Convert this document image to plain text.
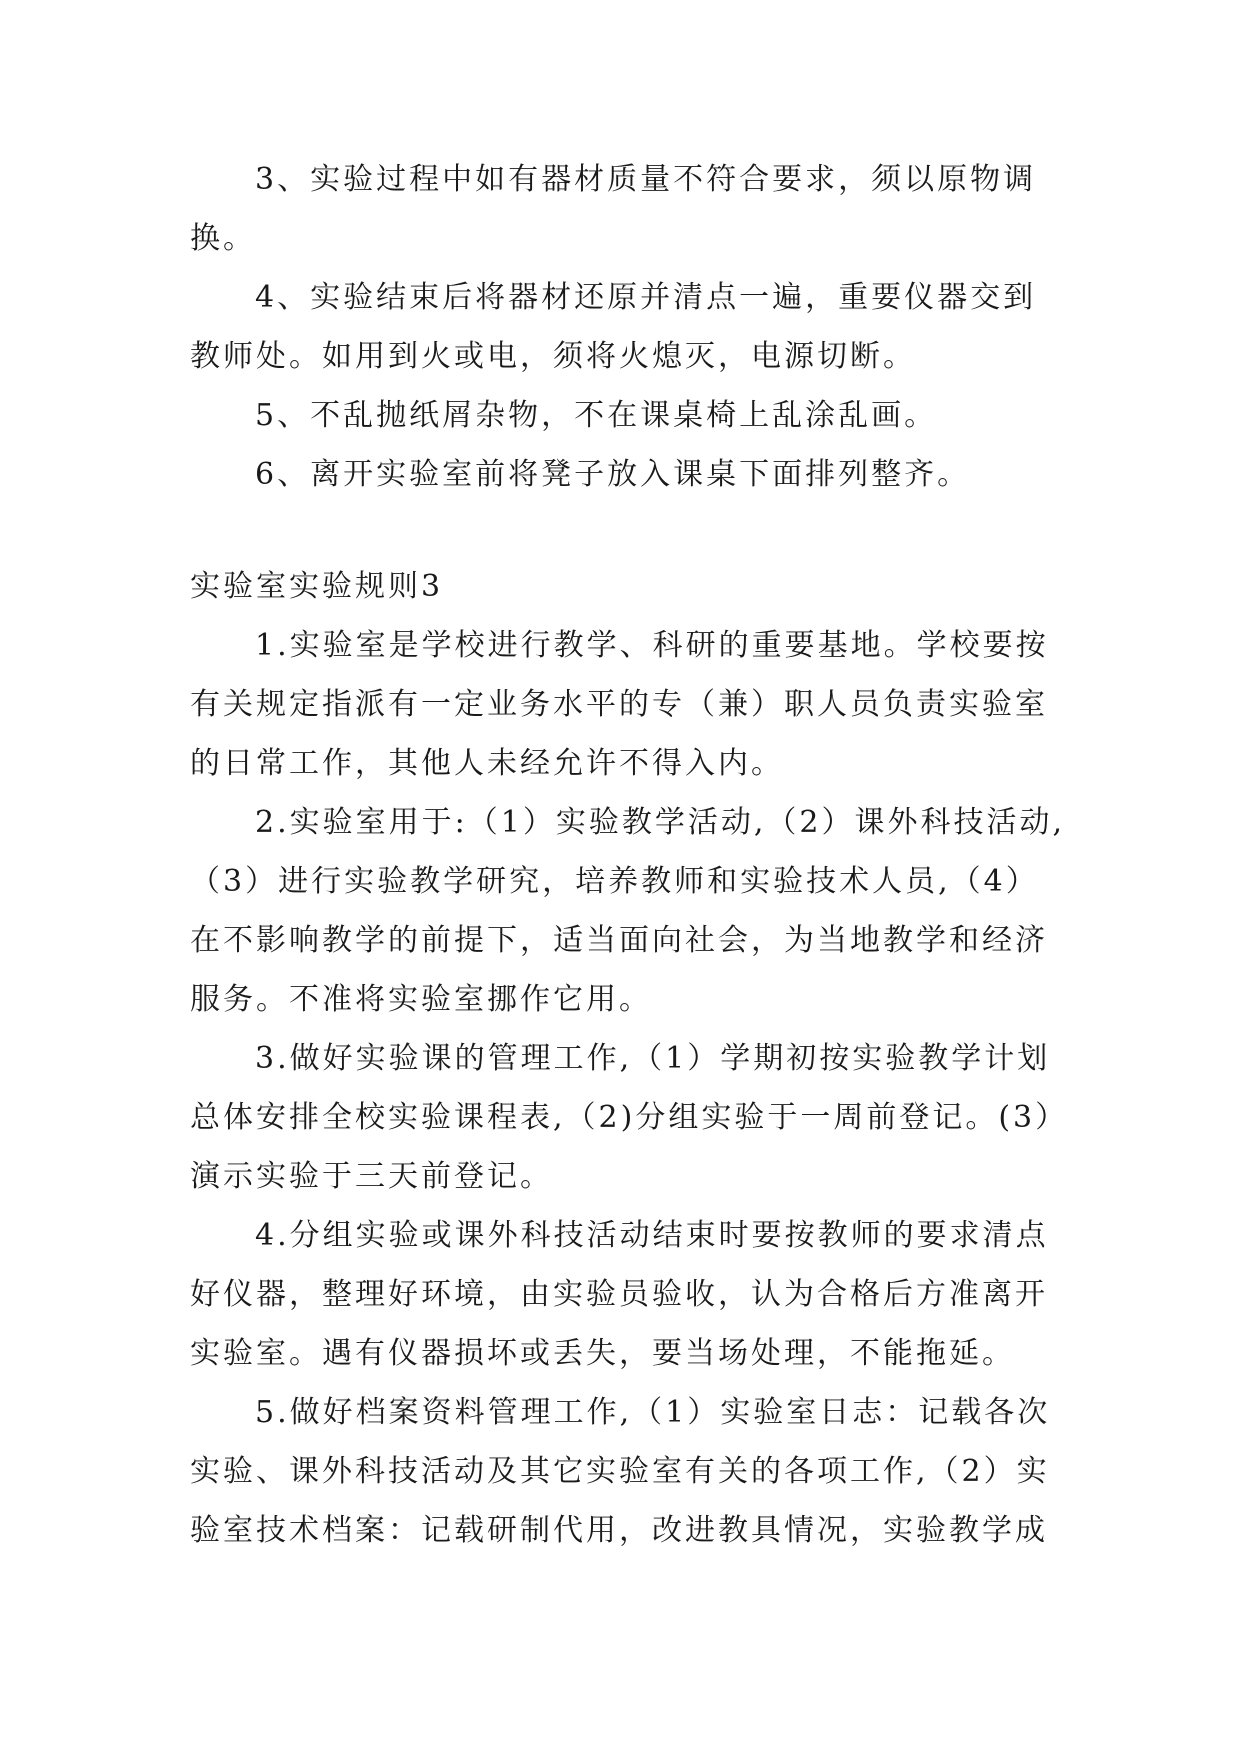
3、实验过程中如有器材质量不符合要求，须以原物调换。

4、实验结束后将器材还原并清点一遍，重要仪器交到教师处。如用到火或电，须将火熄灭，电源切断。

5、不乱抛纸屑杂物，不在课桌椅上乱涂乱画。

6、离开实验室前将凳子放入课桌下面排列整齐。

实验室实验规则3

1.实验室是学校进行教学、科研的重要基地。学校要按有关规定指派有一定业务水平的专（兼）职人员负责实验室的日常工作，其他人未经允许不得入内。

2.实验室用于:（1）实验教学活动,（2）课外科技活动,（3）进行实验教学研究，培养教师和实验技术人员,（4）在不影响教学的前提下，适当面向社会，为当地教学和经济服务。不准将实验室挪作它用。

3.做好实验课的管理工作,（1）学期初按实验教学计划总体安排全校实验课程表,（2)分组实验于一周前登记。(3）演示实验于三天前登记。

4.分组实验或课外科技活动结束时要按教师的要求清点好仪器，整理好环境，由实验员验收，认为合格后方准离开实验室。遇有仪器损坏或丢失，要当场处理，不能拖延。

5.做好档案资料管理工作,（1）实验室日志：记载各次实验、课外科技活动及其它实验室有关的各项工作,（2）实验室技术档案：记载研制代用，改进教具情况，实验教学成
